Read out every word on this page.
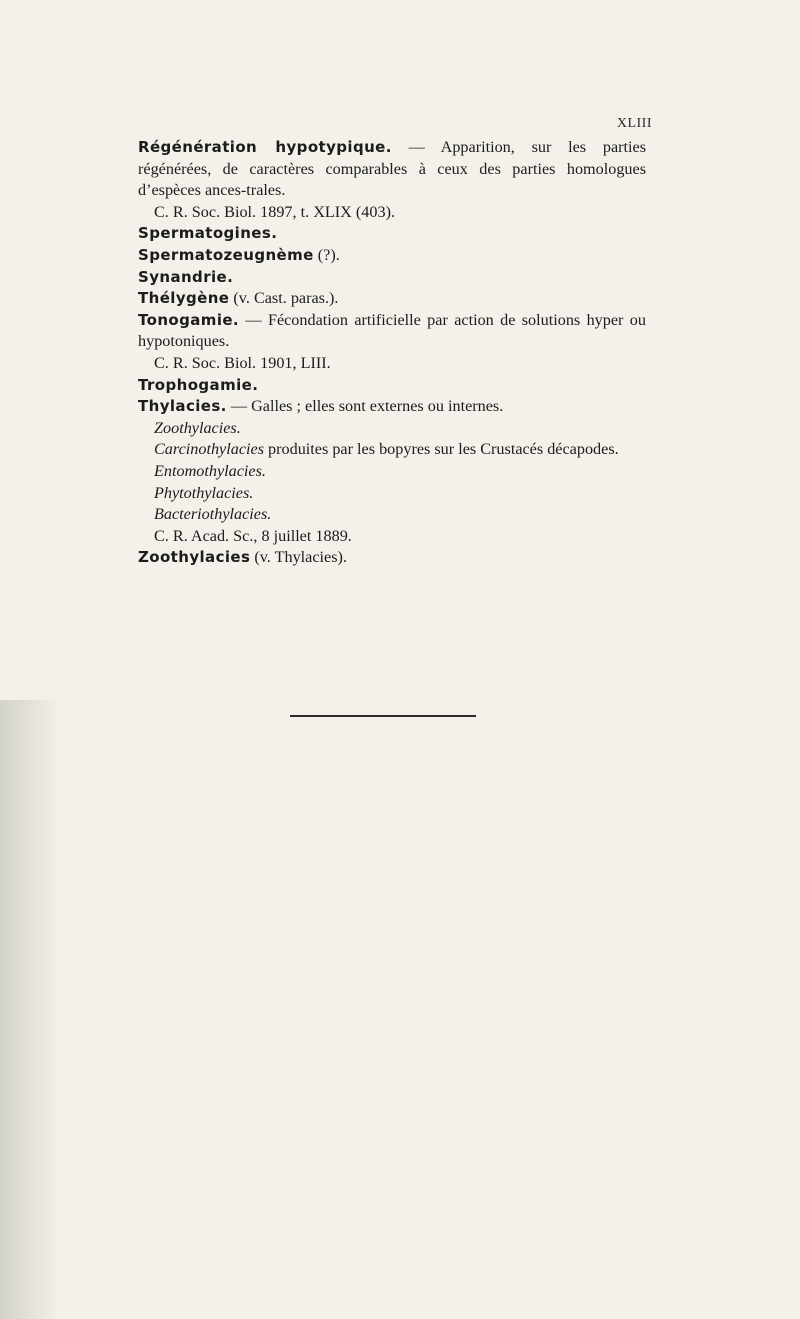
XLIII

Régénération hypotypique. — Apparition, sur les parties régénérées, de caractères comparables à ceux des parties homologues d’espèces ances-trales.
C. R. Soc. Biol. 1897, t. XLIX (403).

Spermatogines.

Spermatozeugnème (?).

Synandrie.

Thélygène (v. Cast. paras.).

Tonogamie. — Fécondation artificielle par action de solutions hyper ou hypotoniques.
C. R. Soc. Biol. 1901, LIII.

Trophogamie.

Thylacies. — Galles ; elles sont externes ou internes.
Zoothylacies.
Carcinothylacies produites par les bopyres sur les Crustacés décapodes.
Entomothylacies.
Phytothylacies.
Bacteriothylacies.
C. R. Acad. Sc., 8 juillet 1889.

Zoothylacies (v. Thylacies).
